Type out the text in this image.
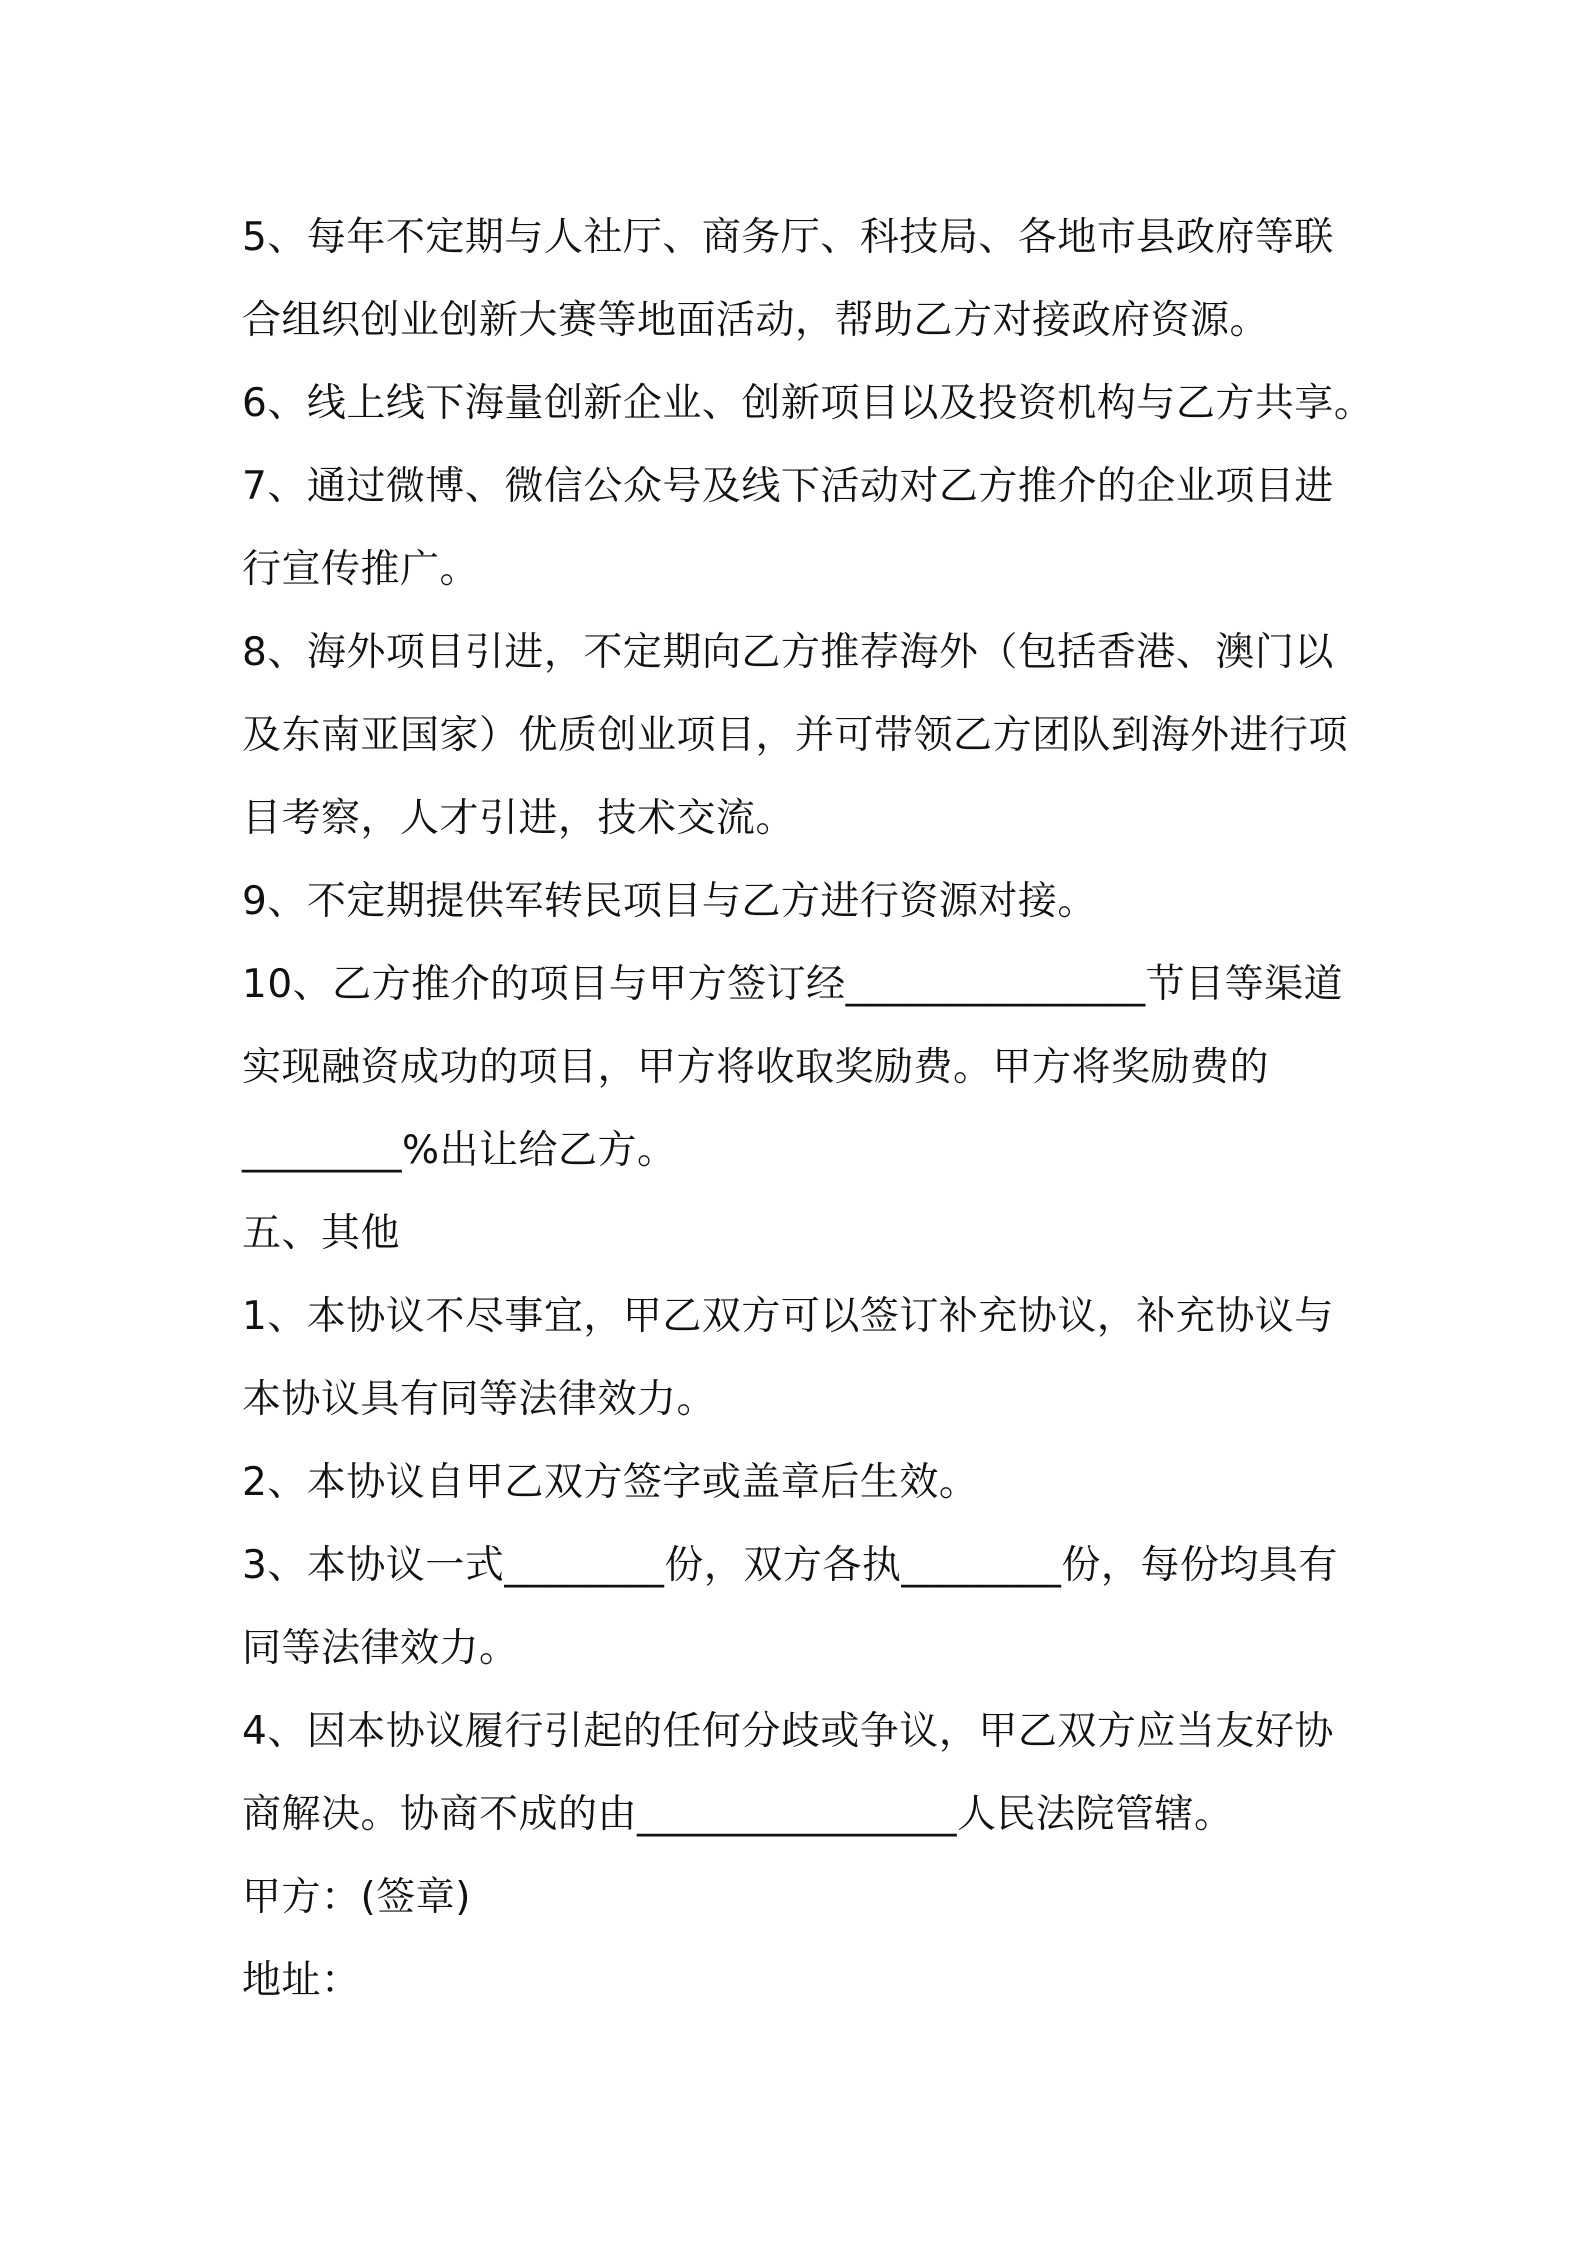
5、每年不定期与人社厅、商务厅、科技局、各地市县政府等联
合组织创业创新大赛等地面活动，帮助乙方对接政府资源。
6、线上线下海量创新企业、创新项目以及投资机构与乙方共享。
7、通过微博、微信公众号及线下活动对乙方推介的企业项目进
行宣传推广。
8、海外项目引进，不定期向乙方推荐海外（包括香港、澳门以
及东南亚国家）优质创业项目，并可带领乙方团队到海外进行项
目考察，人才引进，技术交流。
9、不定期提供军转民项目与乙方进行资源对接。
10、乙方推介的项目与甲方签订经_______________节目等渠道
实现融资成功的项目，甲方将收取奖励费。甲方将奖励费的
________%出让给乙方。
五、其他
1、本协议不尽事宜，甲乙双方可以签订补充协议，补充协议与
本协议具有同等法律效力。
2、本协议自甲乙双方签字或盖章后生效。
3、本协议一式________份，双方各执________份，每份均具有
同等法律效力。
4、因本协议履行引起的任何分歧或争议，甲乙双方应当友好协
商解决。协商不成的由________________人民法院管辖。
甲方：(签章)
地址：
